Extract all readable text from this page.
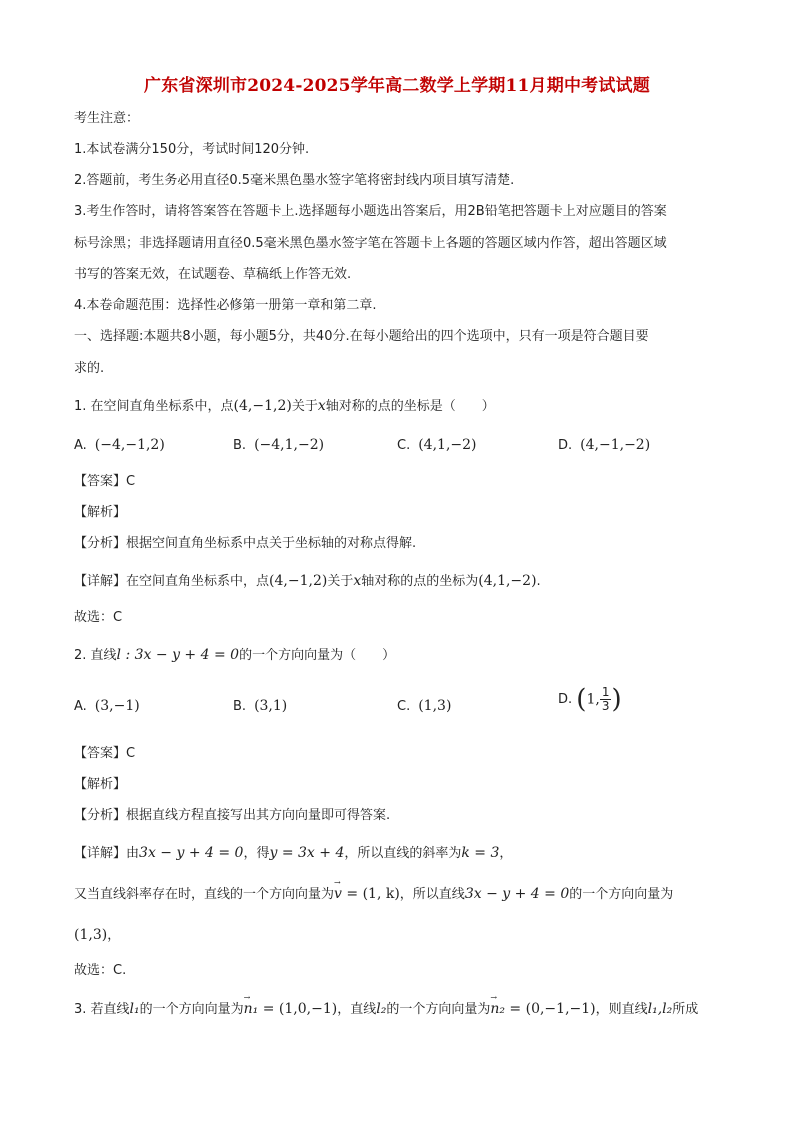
广东省深圳市2024-2025学年高二数学上学期11月期中考试试题
考生注意：
1.本试卷满分150分，考试时间120分钟.
2.答题前，考生务必用直径0.5毫米黑色墨水签字笔将密封线内项目填写清楚.
3.考生作答时，请将答案答在答题卡上.选择题每小题选出答案后，用2B铅笔把答题卡上对应题目的答案
标号涂黑；非选择题请用直径0.5毫米黑色墨水签字笔在答题卡上各题的答题区域内作答，超出答题区域
书写的答案无效，在试题卷、草稿纸上作答无效.
4.本卷命题范围：选择性必修第一册第一章和第二章.
一、选择题:本题共8小题，每小题5分，共40分.在每小题给出的四个选项中，只有一项是符合题目要
求的.
1. 在空间直角坐标系中，点(4,−1,2)关于x轴对称的点的坐标是（　　）
A. (−4,−1,2)	B. (−4,1,−2)	C. (4,1,−2)	D. (4,−1,−2)
【答案】C
【解析】
【分析】根据空间直角坐标系中点关于坐标轴的对称点得解.
【详解】在空间直角坐标系中，点(4,−1,2)关于x轴对称的点的坐标为(4,1,−2).
故选：C
2. 直线l : 3x − y + 4 = 0的一个方向向量为（　　）
A. (3,−1)	B. (3,1)	C. (1,3)	D. (1, $\frac{1}{3}$ )
【答案】C
【解析】
【分析】根据直线方程直接写出其方向向量即可得答案.
【详解】由3x − y + 4 = 0，得y = 3x + 4，所以直线的斜率为k = 3，
又当直线斜率存在时，直线的一个方向向量为→ v = (1, k)，所以直线3x − y + 4 = 0的一个方向向量为
(1,3)，
故选：C.
3. 若直线l₁的一个方向向量为→ n₁ = (1,0,−1)，直线l₂的一个方向向量为→ n₂ = (0,−1,−1)，则直线l₁,l₂所成
